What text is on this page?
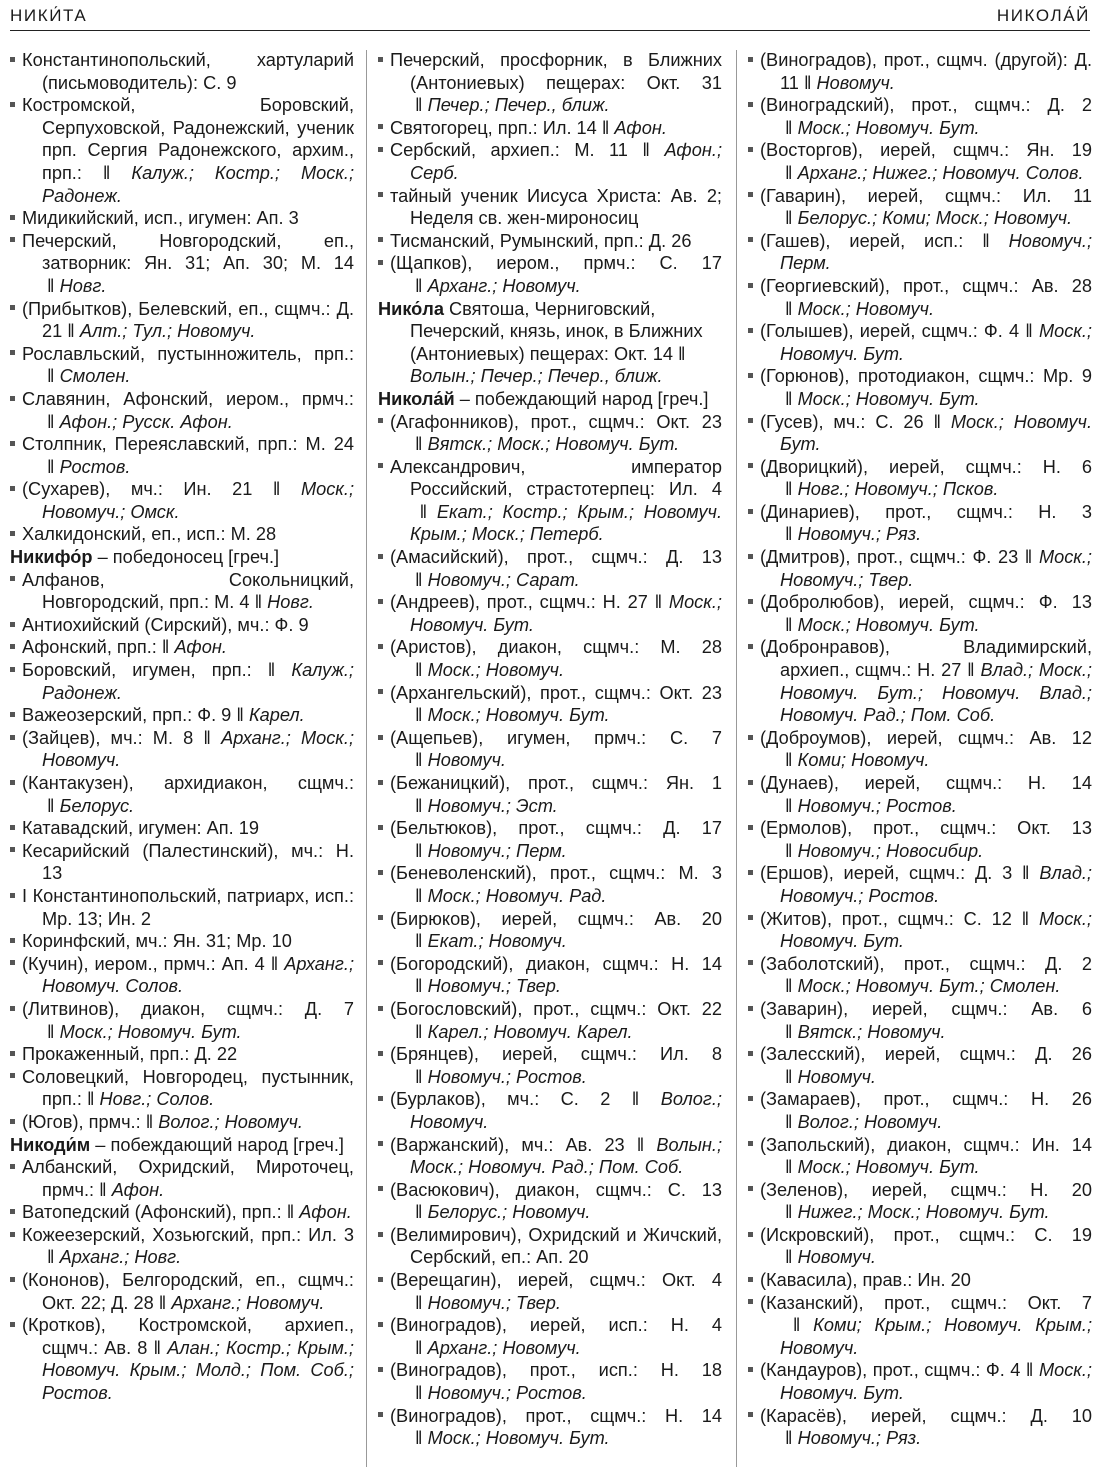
НИКИ́ТА	НИКОЛА́Й
Константинопольский, хартуларий (письмоводитель): С. 9
Костромской, Боровский, Серпуховской, Радонежский, ученик прп. Сергия Радонежского, архим., прп.: ‖ Калуж.; Костр.; Моск.; Радонеж.
Мидикийский, исп., игумен: Ап. 3
Печерский, Новгородский, еп., затворник: Ян. 31; Ап. 30; М. 14 ‖ Новг.
(Прибытков), Белевский, еп., сщмч.: Д. 21 ‖ Алт.; Тул.; Новомуч.
Рославльский, пустынножитель, прп.: ‖ Смолен.
Славянин, Афонский, иером., прмч.: ‖ Афон.; Русск. Афон.
Столпник, Переяславский, прп.: М. 24 ‖ Ростов.
(Сухарев), мч.: Ин. 21 ‖ Моск.; Новомуч.; Омск.
Халкидонский, еп., исп.: М. 28
Никифо́р – победоносец [греч.]
Алфанов, Сокольницкий, Новгородский, прп.: М. 4 ‖ Новг.
Антиохийский (Сирский), мч.: Ф. 9
Афонский, прп.: ‖ Афон.
Боровский, игумен, прп.: ‖ Калуж.; Радонеж.
Важеозерский, прп.: Ф. 9 ‖ Карел.
(Зайцев), мч.: М. 8 ‖ Арханг.; Моск.; Новомуч.
(Кантакузен), архидиакон, сщмч.: ‖ Белорус.
Катавадский, игумен: Ап. 19
Кесарийский (Палестинский), мч.: Н. 13
I Константинопольский, патриарх, исп.: Мр. 13; Ин. 2
Коринфский, мч.: Ян. 31; Мр. 10
(Кучин), иером., прмч.: Ап. 4 ‖ Арханг.; Новомуч. Солов.
(Литвинов), диакон, сщмч.: Д. 7 ‖ Моск.; Новомуч. Бут.
Прокаженный, прп.: Д. 22
Соловецкий, Новгородец, пустынник, прп.: ‖ Новг.; Солов.
(Югов), прмч.: ‖ Волог.; Новомуч.
Никоди́м – побеждающий народ [греч.]
Албанский, Охридский, Мироточец, прмч.: ‖ Афон.
Ватопедский (Афонский), прп.: ‖ Афон.
Кожеезерский, Хозьюгский, прп.: Ил. 3 ‖ Арханг.; Новг.
(Кононов), Белгородский, еп., сщмч.: Окт. 22; Д. 28 ‖ Арханг.; Новомуч.
(Кротков), Костромской, архиеп., сщмч.: Ав. 8 ‖ Алан.; Костр.; Крым.; Новомуч. Крым.; Молд.; Пом. Соб.; Ростов.
Печерский, просфорник, в Ближних (Антониевых) пещерах: Окт. 31 ‖ Печер.; Печер., ближ.
Святогорец, прп.: Ил. 14 ‖ Афон.
Сербский, архиеп.: М. 11 ‖ Афон.; Серб.
тайный ученик Иисуса Христа: Ав. 2; Неделя св. жен-мироносиц
Тисманский, Румынский, прп.: Д. 26
(Щапков), иером., прмч.: С. 17 ‖ Арханг.; Новомуч.
Нико́ла Святоша, Черниговский, Печерский, князь, инок, в Ближних (Антониевых) пещерах: Окт. 14 ‖ Волын.; Печер.; Печер., ближ.
Никола́й – побеждающий народ [греч.]
(Агафонников), прот., сщмч.: Окт. 23 ‖ Вятск.; Моск.; Новомуч. Бут.
Александрович, император Российский, страстотерпец: Ил. 4 ‖ Екат.; Костр.; Крым.; Новомуч. Крым.; Моск.; Петерб.
(Амасийский), прот., сщмч.: Д. 13 ‖ Новомуч.; Сарат.
(Андреев), прот., сщмч.: Н. 27 ‖ Моск.; Новомуч. Бут.
(Аристов), диакон, сщмч.: М. 28 ‖ Моск.; Новомуч.
(Архангельский), прот., сщмч.: Окт. 23 ‖ Моск.; Новомуч. Бут.
(Ащепьев), игумен, прмч.: С. 7 ‖ Новомуч.
(Бежаницкий), прот., сщмч.: Ян. 1 ‖ Новомуч.; Эст.
(Бельтюков), прот., сщмч.: Д. 17 ‖ Новомуч.; Перм.
(Беневоленский), прот., сщмч.: М. 3 ‖ Моск.; Новомуч. Рад.
(Бирюков), иерей, сщмч.: Ав. 20 ‖ Екат.; Новомуч.
(Богородский), диакон, сщмч.: Н. 14 ‖ Новомуч.; Твер.
(Богословский), прот., сщмч.: Окт. 22 ‖ Карел.; Новомуч. Карел.
(Брянцев), иерей, сщмч.: Ил. 8 ‖ Новомуч.; Ростов.
(Бурлаков), мч.: С. 2 ‖ Волог.; Новомуч.
(Варжанский), мч.: Ав. 23 ‖ Волын.; Моск.; Новомуч. Рад.; Пом. Соб.
(Васюкович), диакон, сщмч.: С. 13 ‖ Белорус.; Новомуч.
(Велимирович), Охридский и Жичский, Сербский, еп.: Ап. 20
(Верещагин), иерей, сщмч.: Окт. 4 ‖ Новомуч.; Твер.
(Виноградов), иерей, исп.: Н. 4 ‖ Арханг.; Новомуч.
(Виноградов), прот., исп.: Н. 18 ‖ Новомуч.; Ростов.
(Виноградов), прот., сщмч.: Н. 14 ‖ Моск.; Новомуч. Бут.
(Виноградов), прот., сщмч. (другой): Д. 11 ‖ Новомуч.
(Виноградский), прот., сщмч.: Д. 2 ‖ Моск.; Новомуч. Бут.
(Восторгов), иерей, сщмч.: Ян. 19 ‖ Арханг.; Нижег.; Новомуч. Солов.
(Гаварин), иерей, сщмч.: Ил. 11 ‖ Белорус.; Коми; Моск.; Новомуч.
(Гашев), иерей, исп.: ‖ Новомуч.; Перм.
(Георгиевский), прот., сщмч.: Ав. 28 ‖ Моск.; Новомуч.
(Голышев), иерей, сщмч.: Ф. 4 ‖ Моск.; Новомуч. Бут.
(Горюнов), протодиакон, сщмч.: Мр. 9 ‖ Моск.; Новомуч. Бут.
(Гусев), мч.: С. 26 ‖ Моск.; Новомуч. Бут.
(Дворицкий), иерей, сщмч.: Н. 6 ‖ Новг.; Новомуч.; Псков.
(Динариев), прот., сщмч.: Н. 3 ‖ Новомуч.; Ряз.
(Дмитров), прот., сщмч.: Ф. 23 ‖ Моск.; Новомуч.; Твер.
(Добролюбов), иерей, сщмч.: Ф. 13 ‖ Моск.; Новомуч. Бут.
(Добронравов), Владимирский, архиеп., сщмч.: Н. 27 ‖ Влад.; Моск.; Новомуч. Бут.; Новомуч. Влад.; Новомуч. Рад.; Пом. Соб.
(Доброумов), иерей, сщмч.: Ав. 12 ‖ Коми; Новомуч.
(Дунаев), иерей, сщмч.: Н. 14 ‖ Новомуч.; Ростов.
(Ермолов), прот., сщмч.: Окт. 13 ‖ Новомуч.; Новосибир.
(Ершов), иерей, сщмч.: Д. 3 ‖ Влад.; Новомуч.; Ростов.
(Житов), прот., сщмч.: С. 12 ‖ Моск.; Новомуч. Бут.
(Заболотский), прот., сщмч.: Д. 2 ‖ Моск.; Новомуч. Бут.; Смолен.
(Заварин), иерей, сщмч.: Ав. 6 ‖ Вятск.; Новомуч.
(Залесский), иерей, сщмч.: Д. 26 ‖ Новомуч.
(Замараев), прот., сщмч.: Н. 26 ‖ Волог.; Новомуч.
(Запольский), диакон, сщмч.: Ин. 14 ‖ Моск.; Новомуч. Бут.
(Зеленов), иерей, сщмч.: Н. 20 ‖ Нижег.; Моск.; Новомуч. Бут.
(Искровский), прот., сщмч.: С. 19 ‖ Новомуч.
(Кавасила), прав.: Ин. 20
(Казанский), прот., сщмч.: Окт. 7 ‖ Коми; Крым.; Новомуч. Крым.; Новомуч.
(Кандауров), прот., сщмч.: Ф. 4 ‖ Моск.; Новомуч. Бут.
(Карасёв), иерей, сщмч.: Д. 10 ‖ Новомуч.; Ряз.
